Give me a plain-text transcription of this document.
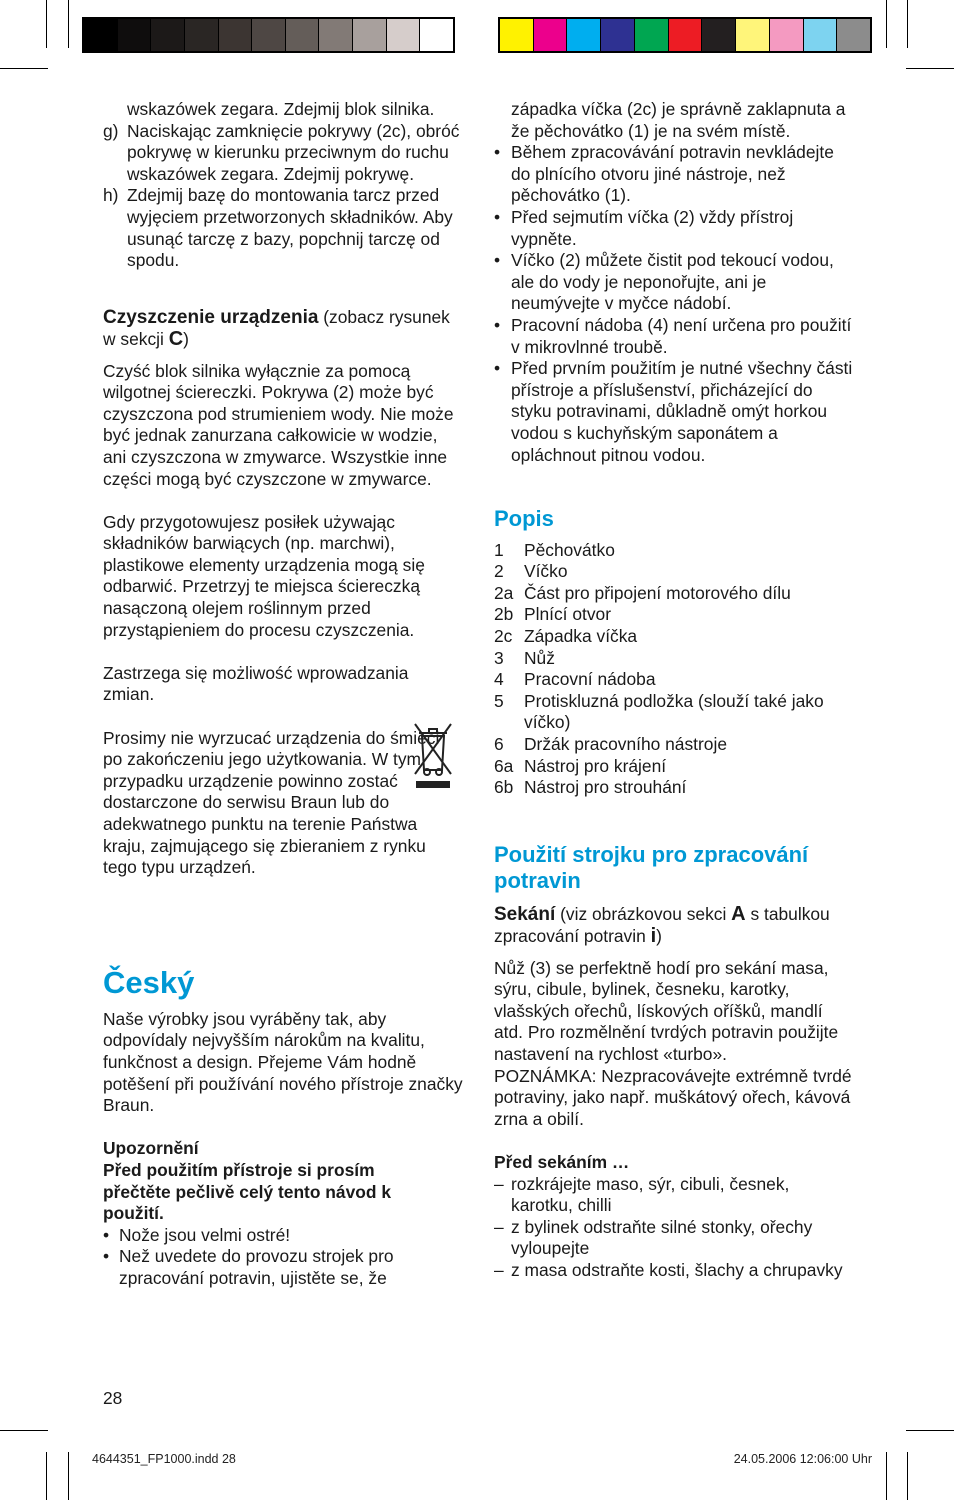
wskazówek zegara. Zdejmij blok silnika.

g) Naciskając zamknięcie pokrywy (2c), obróć pokrywę w kierunku przeciwnym do ruchu wskazówek zegara. Zdejmij pokrywę.
h) Zdejmij bazę do montowania tarcz przed wyjęciem przetworzonych składników. Aby usunąć tarczę z bazy, popchnij tarczę od spodu.

Czyszczenie urządzenia (zobacz rysunek w sekcji C)

Czyść blok silnika wyłącznie za pomocą wilgotnej ściereczki. Pokrywa (2) może być czyszczona pod strumieniem wody. Nie może być jednak zanurzana całkowicie w wodzie, ani czyszczona w zmywarce. Wszystkie inne części mogą być czyszczone w zmywarce.

Gdy przygotowujesz posiłek używając składników barwiących (np. marchwi), plastikowe elementy urządzenia mogą się odbarwić. Przetrzyj te miejsca ściereczką nasączoną olejem roślinnym przed przystąpieniem do procesu czyszczenia.

Zastrzega się możliwość wprowadzania zmian.

Prosimy nie wyrzucać urządzenia do śmieci po zakończeniu jego użytkowania. W tym przypadku urządzenie powinno zostać dostarczone do serwisu Braun lub do adekwatnego punktu na terenie Państwa kraju, zajmującego się zbieraniem z rynku tego typu urządzeń.

Český

Naše výrobky jsou vyráběny tak, aby odpovídaly nejvyšším nárokům na kvalitu, funkčnost a design. Přejeme Vám hodně potěšení při používání nového přístroje značky Braun.

Upozornění

Před použitím přístroje si prosím přečtěte pečlivě celý tento návod k použití.

• Nože jsou velmi ostré!
• Než uvedete do provozu strojek pro zpracování potravin, ujistěte se, že

západka víčka (2c) je správně zaklapnuta a že pěchovátko (1) je na svém místě.

• Během zpracovávání potravin nevkládejte do plnícího otvoru jiné nástroje, než pěchovátko (1).
• Před sejmutím víčka (2) vždy přístroj vypněte.
• Víčko (2) můžete čistit pod tekoucí vodou, ale do vody je neponořujte, ani je neumývejte v myčce nádobí.
• Pracovní nádoba (4) není určena pro použití v mikrovlnné troubě.
• Před prvním použitím je nutné všechny části přístroje a příslušenství, přicházející do styku potravinami, důkladně omýt horkou vodou s kuchyňským saponátem a opláchnout pitnou vodou.
Popis
1	Pěchovátko
2	Víčko
2a Část pro připojení motorového dílu
2b Plnící otvor
2c Západka víčka
3	Nůž
4	Pracovní nádoba
5	Protiskluzná podložka (slouží také jako víčko)
6	Držák pracovního nástroje
6a Nástroj pro krájení
6b Nástroj pro strouhání
Použití strojku pro zpracování potravin

Sekání (viz obrázkovou sekci A s tabulkou zpracování potravin i)

Nůž (3) se perfektně hodí pro sekání masa, sýru, cibule, bylinek, česneku, karotky, vlašských ořechů, lískových oříšků, mandlí atd. Pro rozmělnění tvrdých potravin použijte nastavení na rychlost «turbo».

POZNÁMKA: Nezpracovávejte extrémně tvrdé potraviny, jako např. muškátový ořech, kávová zrna a obilí.

Před sekáním …

– rozkrájejte maso, sýr, cibuli, česnek, karotku, chilli
– z bylinek odstraňte silné stonky, ořechy vyloupejte
– z masa odstraňte kosti, šlachy a chrupavky
28
4644351_FP1000.indd 28	24.05.2006 12:06:00 Uhr
